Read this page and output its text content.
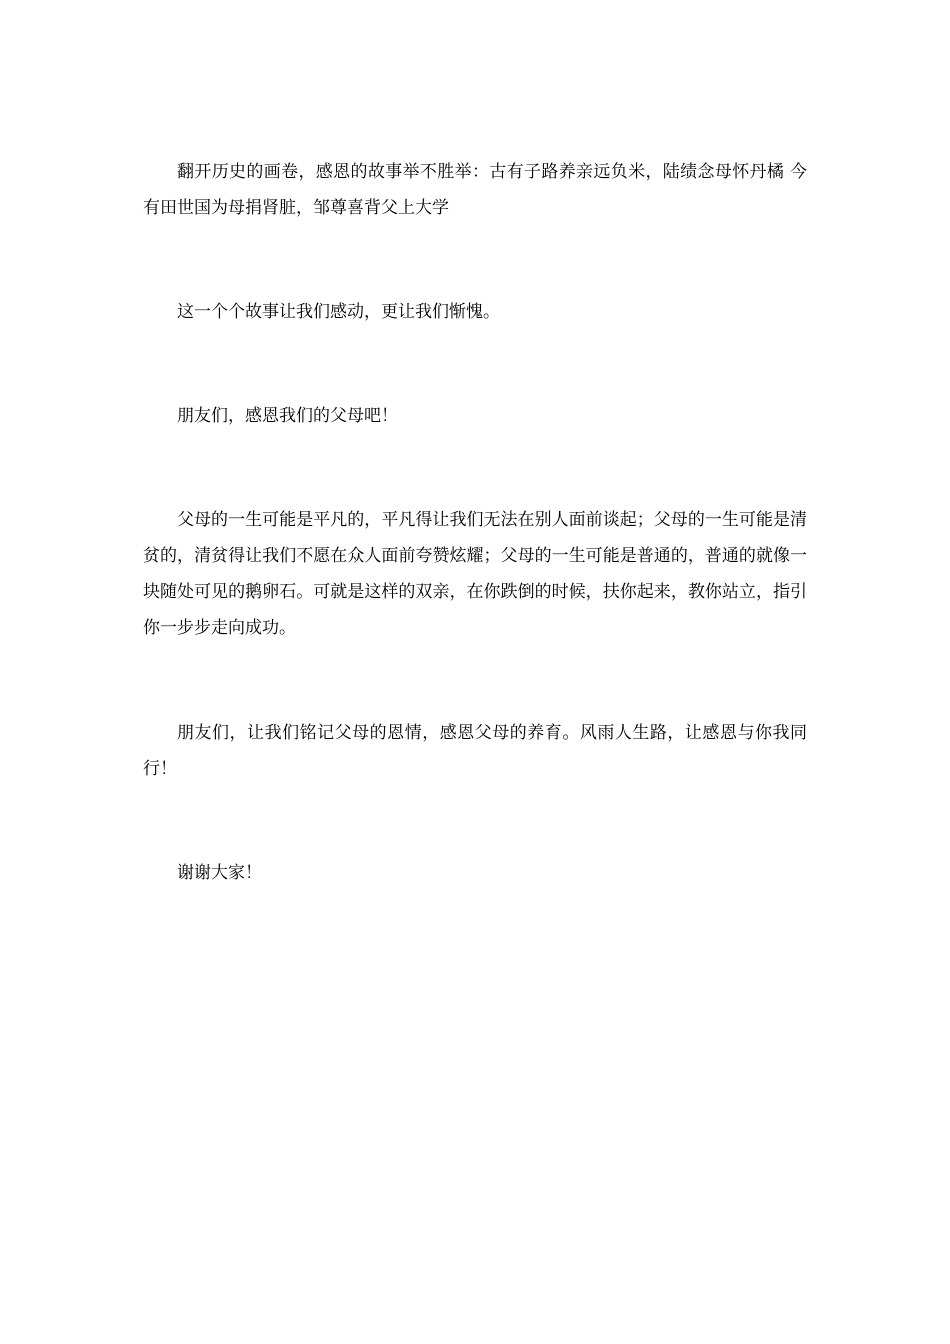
翻开历史的画卷，感恩的故事举不胜举：古有子路养亲远负米，陆绩念母怀丹橘 今有田世国为母捐肾脏，邹尊喜背父上大学

这一个个故事让我们感动，更让我们惭愧。

朋友们，感恩我们的父母吧！

父母的一生可能是平凡的，平凡得让我们无法在别人面前谈起；父母的一生可能是清贫的，清贫得让我们不愿在众人面前夸赞炫耀；父母的一生可能是普通的，普通的就像一块随处可见的鹅卵石。可就是这样的双亲，在你跌倒的时候，扶你起来，教你站立，指引你一步步走向成功。

朋友们，让我们铭记父母的恩情，感恩父母的养育。风雨人生路，让感恩与你我同行！

谢谢大家！
